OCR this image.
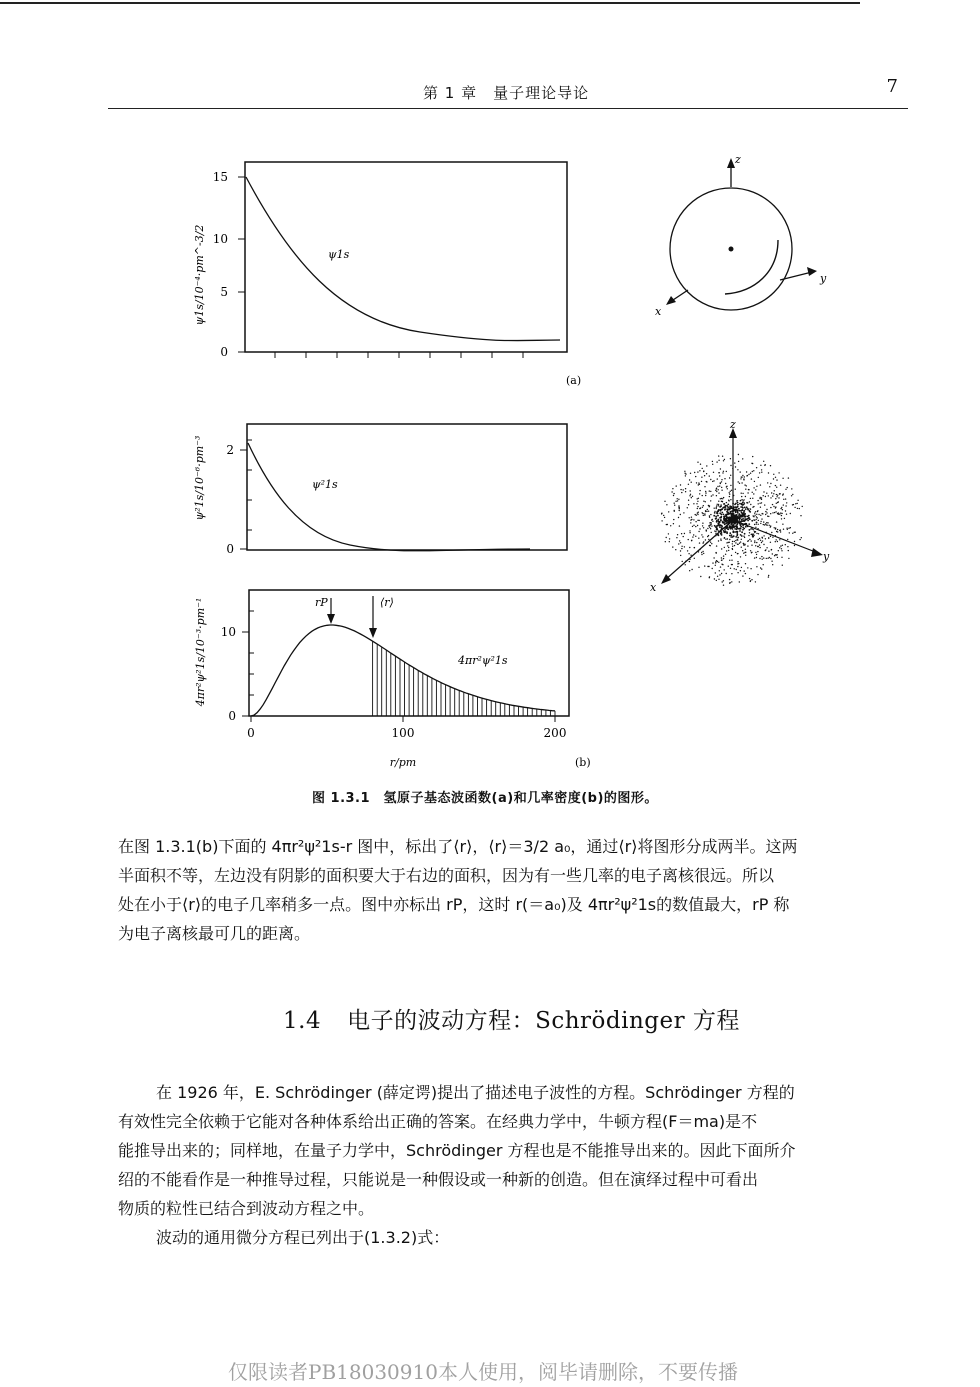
第 1 章　量子理论导论	7
15
10
5
0
ψ1s/10⁻⁴·pm^-3/2	ψ1s
(a)
z
y
x
2
0
ψ²1s/10⁻⁶·pm⁻³	ψ²1s
z
y
x
rP	⟨r⟩
10
0
0	100	200
r/pm	(b)
4πr²ψ²1s/10⁻³·pm⁻¹	4πr²ψ²1s
图 1.3.1　氢原子基态波函数(a)和几率密度(b)的图形。

在图 1.3.1(b)下面的 4πr²ψ²1s-r 图中，标出了⟨r⟩，⟨r⟩＝3/2 a₀，通过⟨r⟩将图形分成两半。这两

半面积不等，左边没有阴影的面积要大于右边的面积，因为有一些几率的电子离核很远。所以

处在小于⟨r⟩的电子几率稍多一点。图中亦标出 rP，这时 r(＝a₀)及 4πr²ψ²1s的数值最大，rP 称

为电子离核最可几的距离。

1.4 电子的波动方程：Schrödinger 方程

在 1926 年，E. Schrödinger (薛定谔)提出了描述电子波性的方程。Schrödinger 方程的

有效性完全依赖于它能对各种体系给出正确的答案。在经典力学中，牛顿方程(F＝ma)是不

能推导出来的；同样地，在量子力学中，Schrödinger 方程也是不能推导出来的。因此下面所介

绍的不能看作是一种推导过程，只能说是一种假设或一种新的创造。但在演绎过程中可看出

物质的粒性已结合到波动方程之中。

波动的通用微分方程已列出于(1.3.2)式：

仅限读者PB18030910本人使用，阅毕请删除，不要传播
